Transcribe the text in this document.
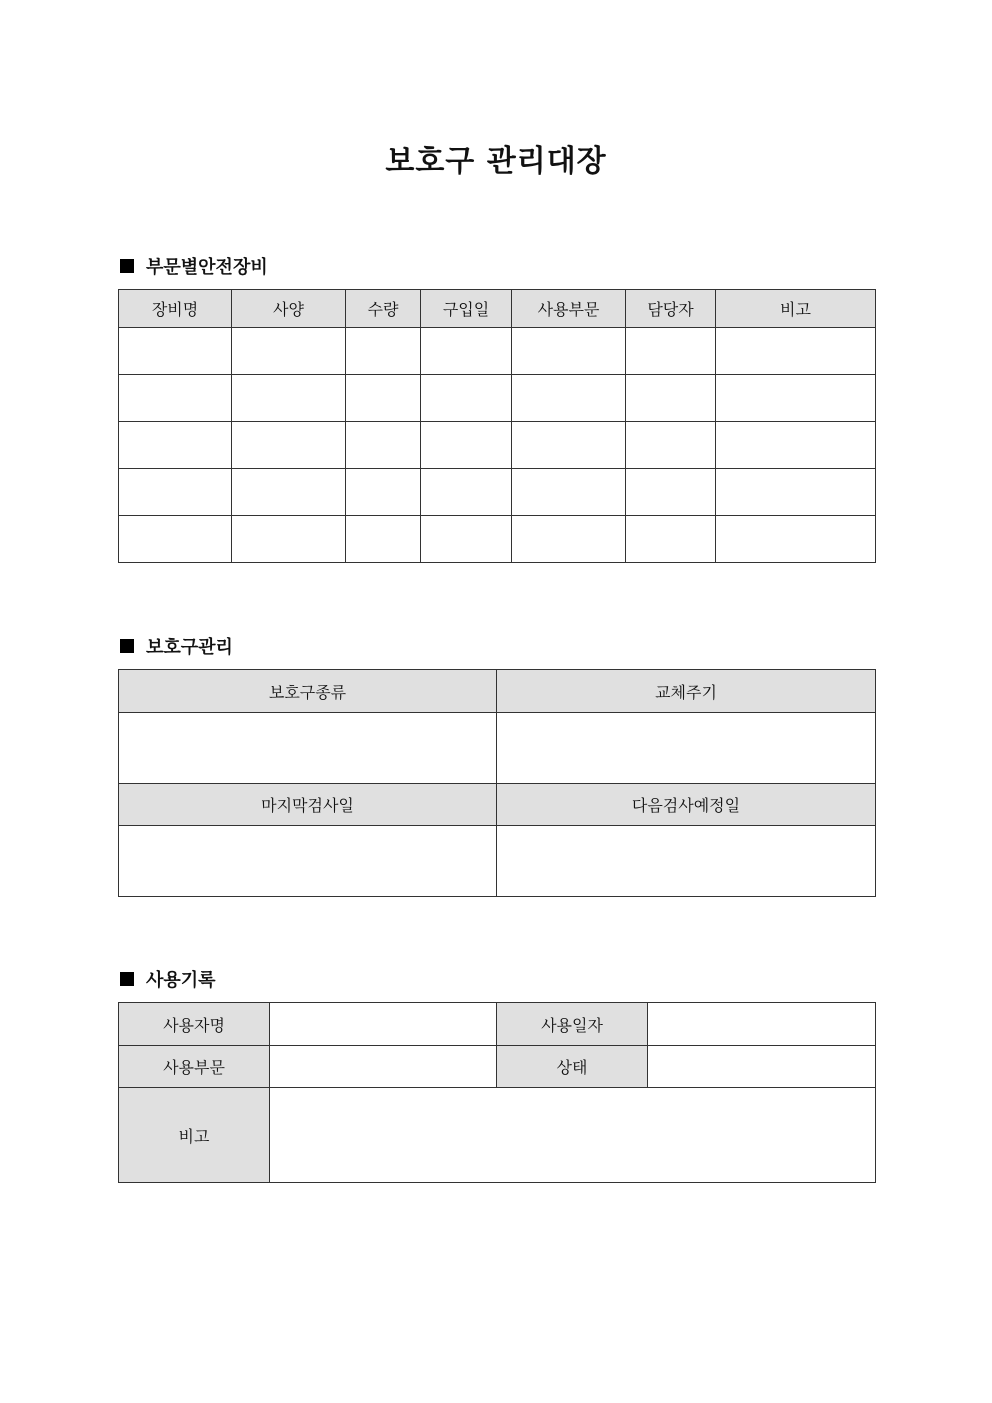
보호구 관리대장
부문별안전장비
장비명	사양	수량	구입일	사용부문	담당자	비고

보호구관리
보호구종류	교체주기

마지막검사일	다음검사예정일

사용기록
사용자명		사용일자	
사용부문		상태	
비고			
